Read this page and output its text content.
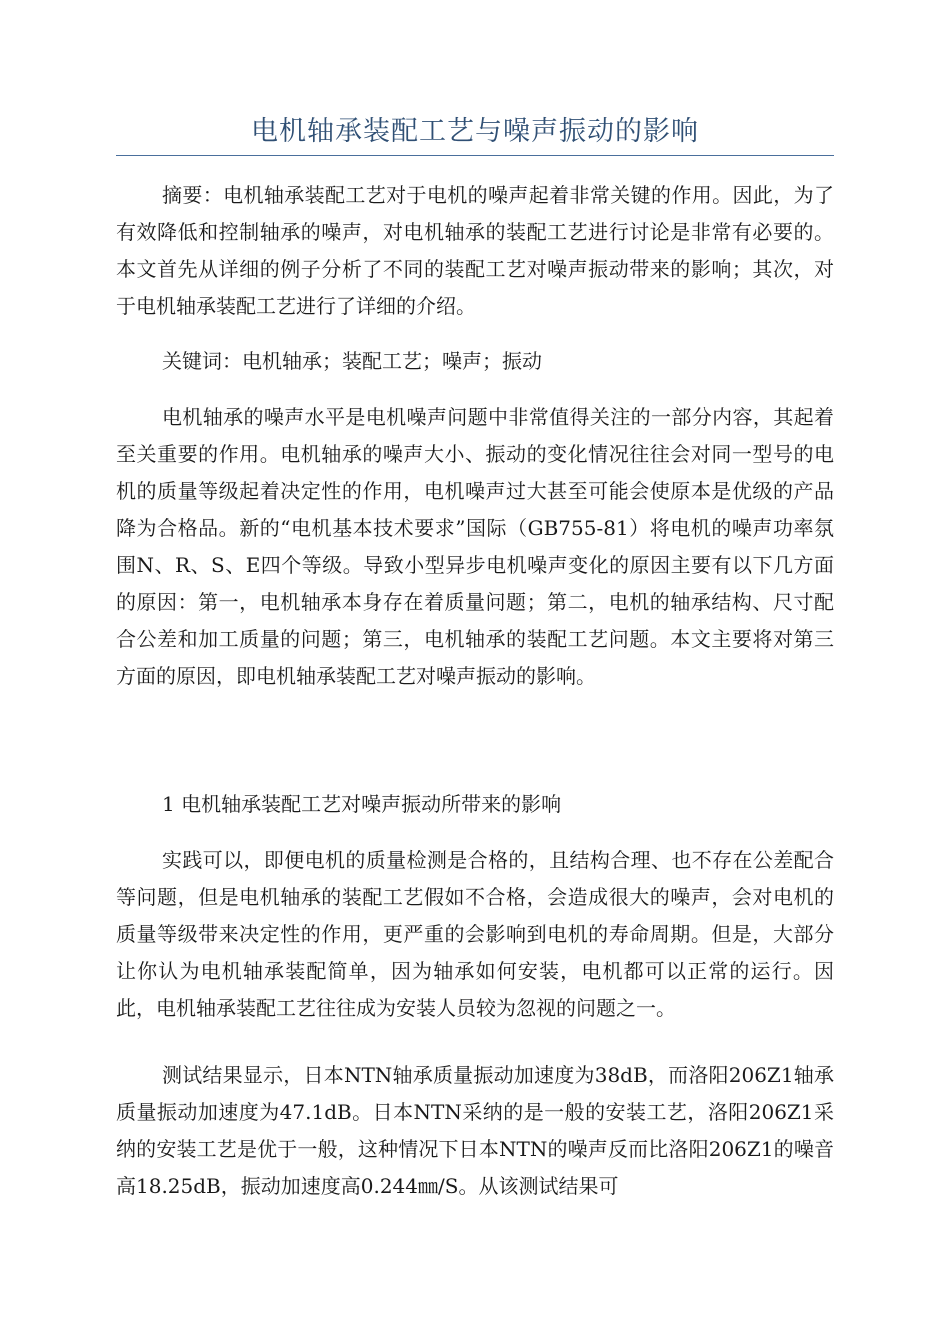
电机轴承装配工艺与噪声振动的影响

摘要：电机轴承装配工艺对于电机的噪声起着非常关键的作用。因此，为了有效降低和控制轴承的噪声，对电机轴承的装配工艺进行讨论是非常有必要的。本文首先从详细的例子分析了不同的装配工艺对噪声振动带来的影响；其次，对于电机轴承装配工艺进行了详细的介绍。

关键词：电机轴承；装配工艺；噪声；振动

电机轴承的噪声水平是电机噪声问题中非常值得关注的一部分内容，其起着至关重要的作用。电机轴承的噪声大小、振动的变化情况往往会对同一型号的电机的质量等级起着决定性的作用，电机噪声过大甚至可能会使原本是优级的产品降为合格品。新的“电机基本技术要求”国际（GB755-81）将电机的噪声功率氛围N、R、S、E四个等级。导致小型异步电机噪声变化的原因主要有以下几方面的原因：第一，电机轴承本身存在着质量问题；第二，电机的轴承结构、尺寸配合公差和加工质量的问题；第三，电机轴承的装配工艺问题。本文主要将对第三方面的原因，即电机轴承装配工艺对噪声振动的影响。

1 电机轴承装配工艺对噪声振动所带来的影响

实践可以，即便电机的质量检测是合格的，且结构合理、也不存在公差配合等问题，但是电机轴承的装配工艺假如不合格，会造成很大的噪声，会对电机的质量等级带来决定性的作用，更严重的会影响到电机的寿命周期。但是，大部分让你认为电机轴承装配简单，因为轴承如何安装，电机都可以正常的运行。因此，电机轴承装配工艺往往成为安装人员较为忽视的问题之一。

测试结果显示，日本NTN轴承质量振动加速度为38dB，而洛阳206Z1轴承质量振动加速度为47.1dB。日本NTN采纳的是一般的安装工艺，洛阳206Z1采纳的安装工艺是优于一般，这种情况下日本NTN的噪声反而比洛阳206Z1的噪音高18.25dB，振动加速度高0.244㎜/S。从该测试结果可
